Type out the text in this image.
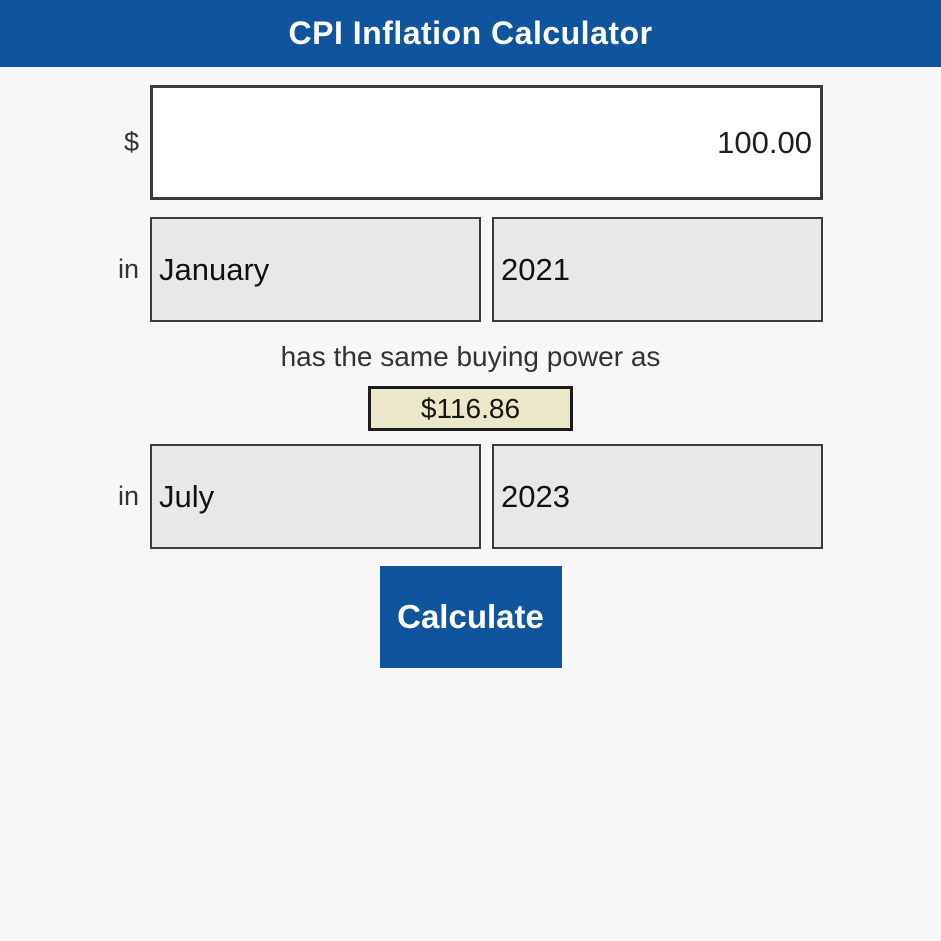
CPI Inflation Calculator
$
100.00
in
January
2021

has the same buying power as

$116.86
in
July
2023
Calculate
